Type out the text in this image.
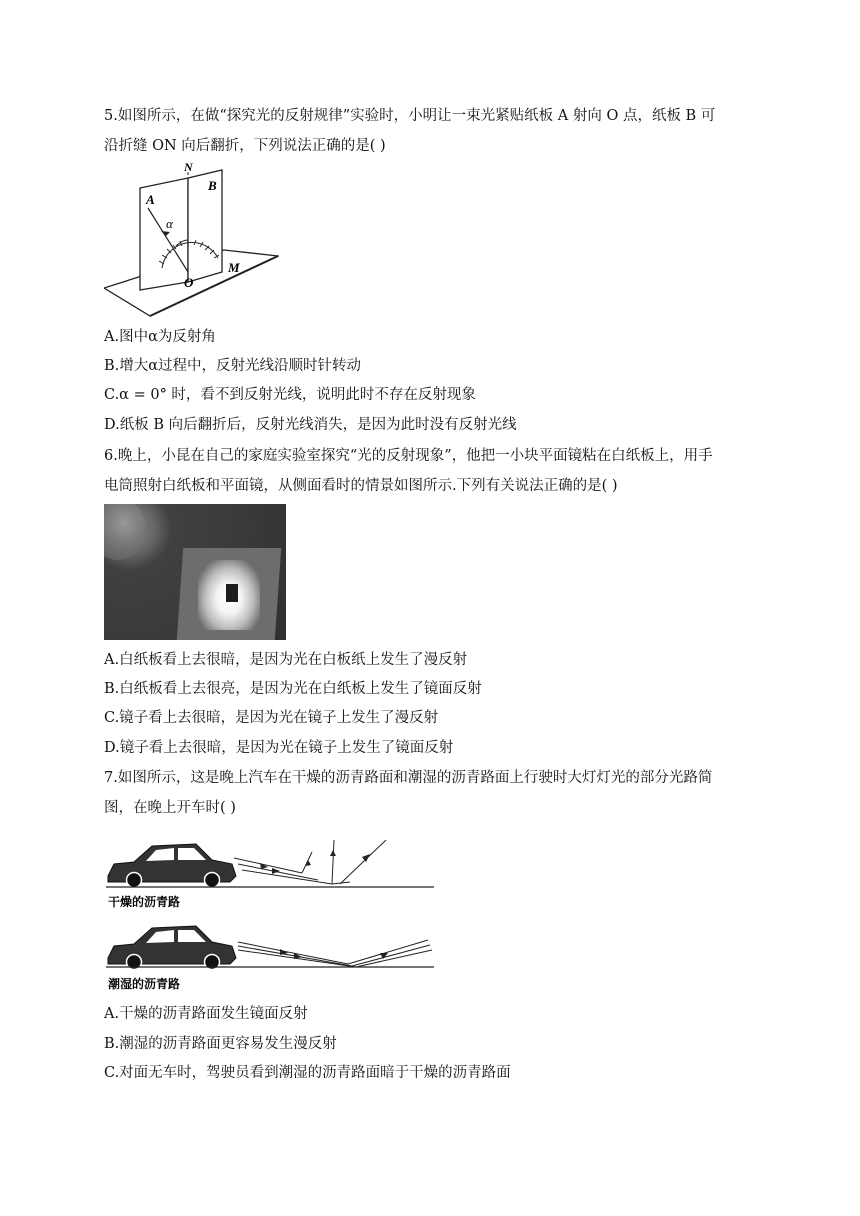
5.如图所示，在做“探究光的反射规律”实验时，小明让一束光紧贴纸板 A 射向 O 点，纸板 B 可
沿折缝 ON 向后翻折，下列说法正确的是( )
N
B
A
α
O
M
A.图中α为反射角
B.增大α过程中，反射光线沿顺时针转动
C.α = 0° 时，看不到反射光线，说明此时不存在反射现象
D.纸板 B 向后翻折后，反射光线消失，是因为此时没有反射光线
6.晚上，小昆在自己的家庭实验室探究“光的反射现象”，他把一小块平面镜粘在白纸板上，用手
电筒照射白纸板和平面镜，从侧面看时的情景如图所示.下列有关说法正确的是( )
A.白纸板看上去很暗，是因为光在白板纸上发生了漫反射
B.白纸板看上去很亮，是因为光在白纸板上发生了镜面反射
C.镜子看上去很暗，是因为光在镜子上发生了漫反射
D.镜子看上去很暗，是因为光在镜子上发生了镜面反射
7.如图所示，这是晚上汽车在干燥的沥青路面和潮湿的沥青路面上行驶时大灯灯光的部分光路简
图，在晚上开车时( )
干燥的沥青路
潮湿的沥青路
A.干燥的沥青路面发生镜面反射
B.潮湿的沥青路面更容易发生漫反射
C.对面无车时，驾驶员看到潮湿的沥青路面暗于干燥的沥青路面
